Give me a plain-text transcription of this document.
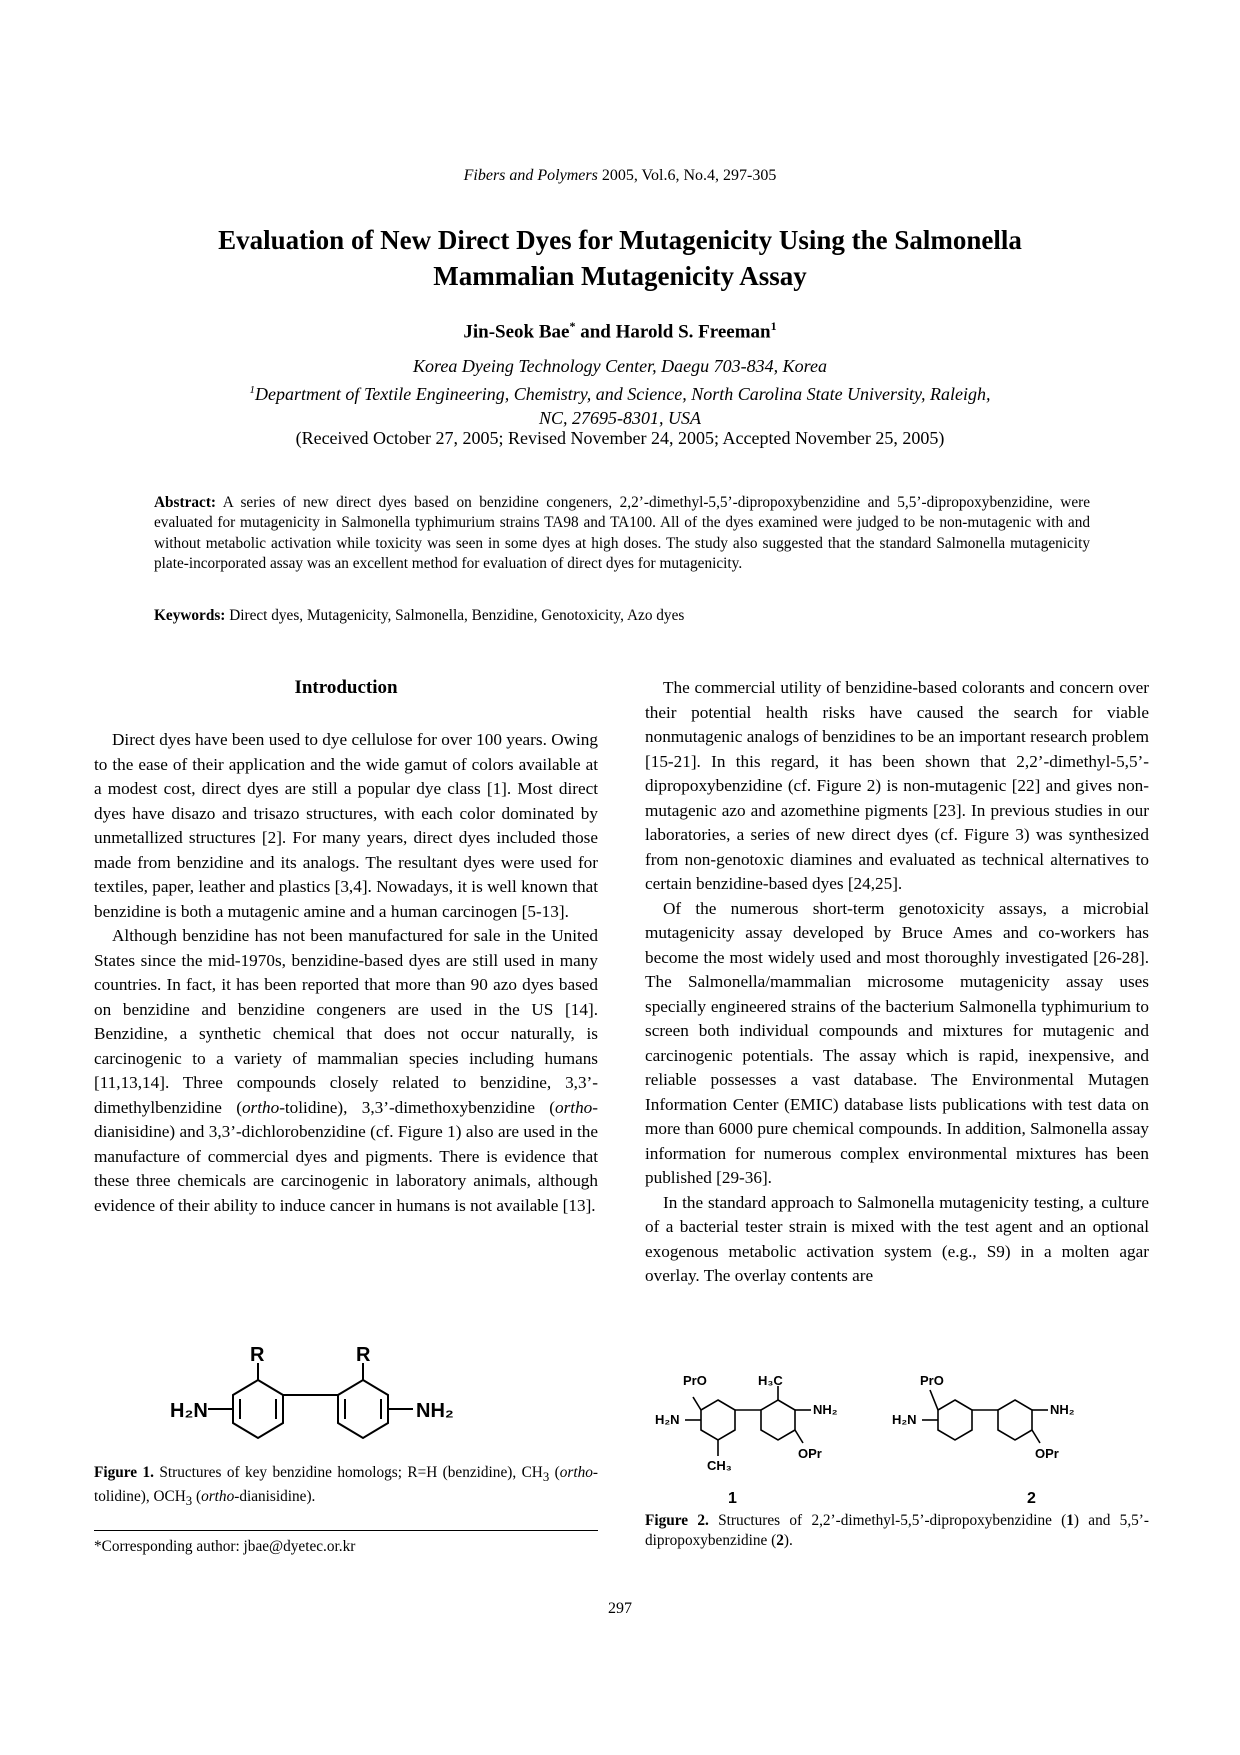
Fibers and Polymers 2005, Vol.6, No.4, 297-305
Evaluation of New Direct Dyes for Mutagenicity Using the Salmonella
Mammalian Mutagenicity Assay
Jin-Seok Bae* and Harold S. Freeman$^1$
Korea Dyeing Technology Center, Daegu 703-834, Korea
$^1$Department of Textile Engineering, Chemistry, and Science, North Carolina State University, Raleigh,
NC, 27695-8301, USA
(Received October 27, 2005; Revised November 24, 2005; Accepted November 25, 2005)
Abstract: A series of new direct dyes based on benzidine congeners, 2,2’-dimethyl-5,5’-dipropoxybenzidine and 5,5’-dipropoxybenzidine, were evaluated for mutagenicity in Salmonella typhimurium strains TA98 and TA100. All of the dyes examined were judged to be non-mutagenic with and without metabolic activation while toxicity was seen in some dyes at high doses. The study also suggested that the standard Salmonella mutagenicity plate-incorporated assay was an excellent method for evaluation of direct dyes for mutagenicity.
Keywords: Direct dyes, Mutagenicity, Salmonella, Benzidine, Genotoxicity, Azo dyes
Introduction

Direct dyes have been used to dye cellulose for over 100 years. Owing to the ease of their application and the wide gamut of colors available at a modest cost, direct dyes are still a popular dye class [1]. Most direct dyes have disazo and trisazo structures, with each color dominated by unmetallized structures [2]. For many years, direct dyes included those made from benzidine and its analogs. The resultant dyes were used for textiles, paper, leather and plastics [3,4]. Nowadays, it is well known that benzidine is both a mutagenic amine and a human carcinogen [5-13].

Although benzidine has not been manufactured for sale in the United States since the mid-1970s, benzidine-based dyes are still used in many countries. In fact, it has been reported that more than 90 azo dyes based on benzidine and benzidine congeners are used in the US [14]. Benzidine, a synthetic chemical that does not occur naturally, is carcinogenic to a variety of mammalian species including humans [11,13,14]. Three compounds closely related to benzidine, 3,3’-dimethylbenzidine (ortho-tolidine), 3,3’-dimethoxybenzidine (ortho-dianisidine) and 3,3’-dichlorobenzidine (cf. Figure 1) also are used in the manufacture of commercial dyes and pigments. There is evidence that these three chemicals are carcinogenic in laboratory animals, although evidence of their ability to induce cancer in humans is not available [13].

The commercial utility of benzidine-based colorants and concern over their potential health risks have caused the search for viable nonmutagenic analogs of benzidines to be an important research problem [15-21]. In this regard, it has been shown that 2,2’-dimethyl-5,5’-dipropoxybenzidine (cf. Figure 2) is non-mutagenic [22] and gives non-mutagenic azo and azomethine pigments [23]. In previous studies in our laboratories, a series of new direct dyes (cf. Figure 3) was synthesized from non-genotoxic diamines and evaluated as technical alternatives to certain benzidine-based dyes [24,25].

Of the numerous short-term genotoxicity assays, a microbial mutagenicity assay developed by Bruce Ames and co-workers has become the most widely used and most thoroughly investigated [26-28]. The Salmonella/mammalian microsome mutagenicity assay uses specially engineered strains of the bacterium Salmonella typhimurium to screen both individual compounds and mixtures for mutagenic and carcinogenic potentials. The assay which is rapid, inexpensive, and reliable possesses a vast database. The Environmental Mutagen Information Center (EMIC) database lists publications with test data on more than 6000 pure chemical compounds. In addition, Salmonella assay information for numerous complex environmental mixtures has been published [29-36].

In the standard approach to Salmonella mutagenicity testing, a culture of a bacterial tester strain is mixed with the test agent and an optional exogenous metabolic activation system (e.g., S9) in a molten agar overlay. The overlay contents are

R	R
H₂N	NH₂
Figure 1. Structures of key benzidine homologs; R=H (benzidine), $CH_3$ (ortho-tolidine), $OCH_3$ (ortho-dianisidine).
*Corresponding author: jbae@dyetec.or.kr
PrO	H₃C
H₂N
NH₂
CH₃
OPr
1
PrO
H₂N
NH₂
OPr
2
Figure 2. Structures of 2,2’-dimethyl-5,5’-dipropoxybenzidine (1) and 5,5’-dipropoxybenzidine (2).
297
